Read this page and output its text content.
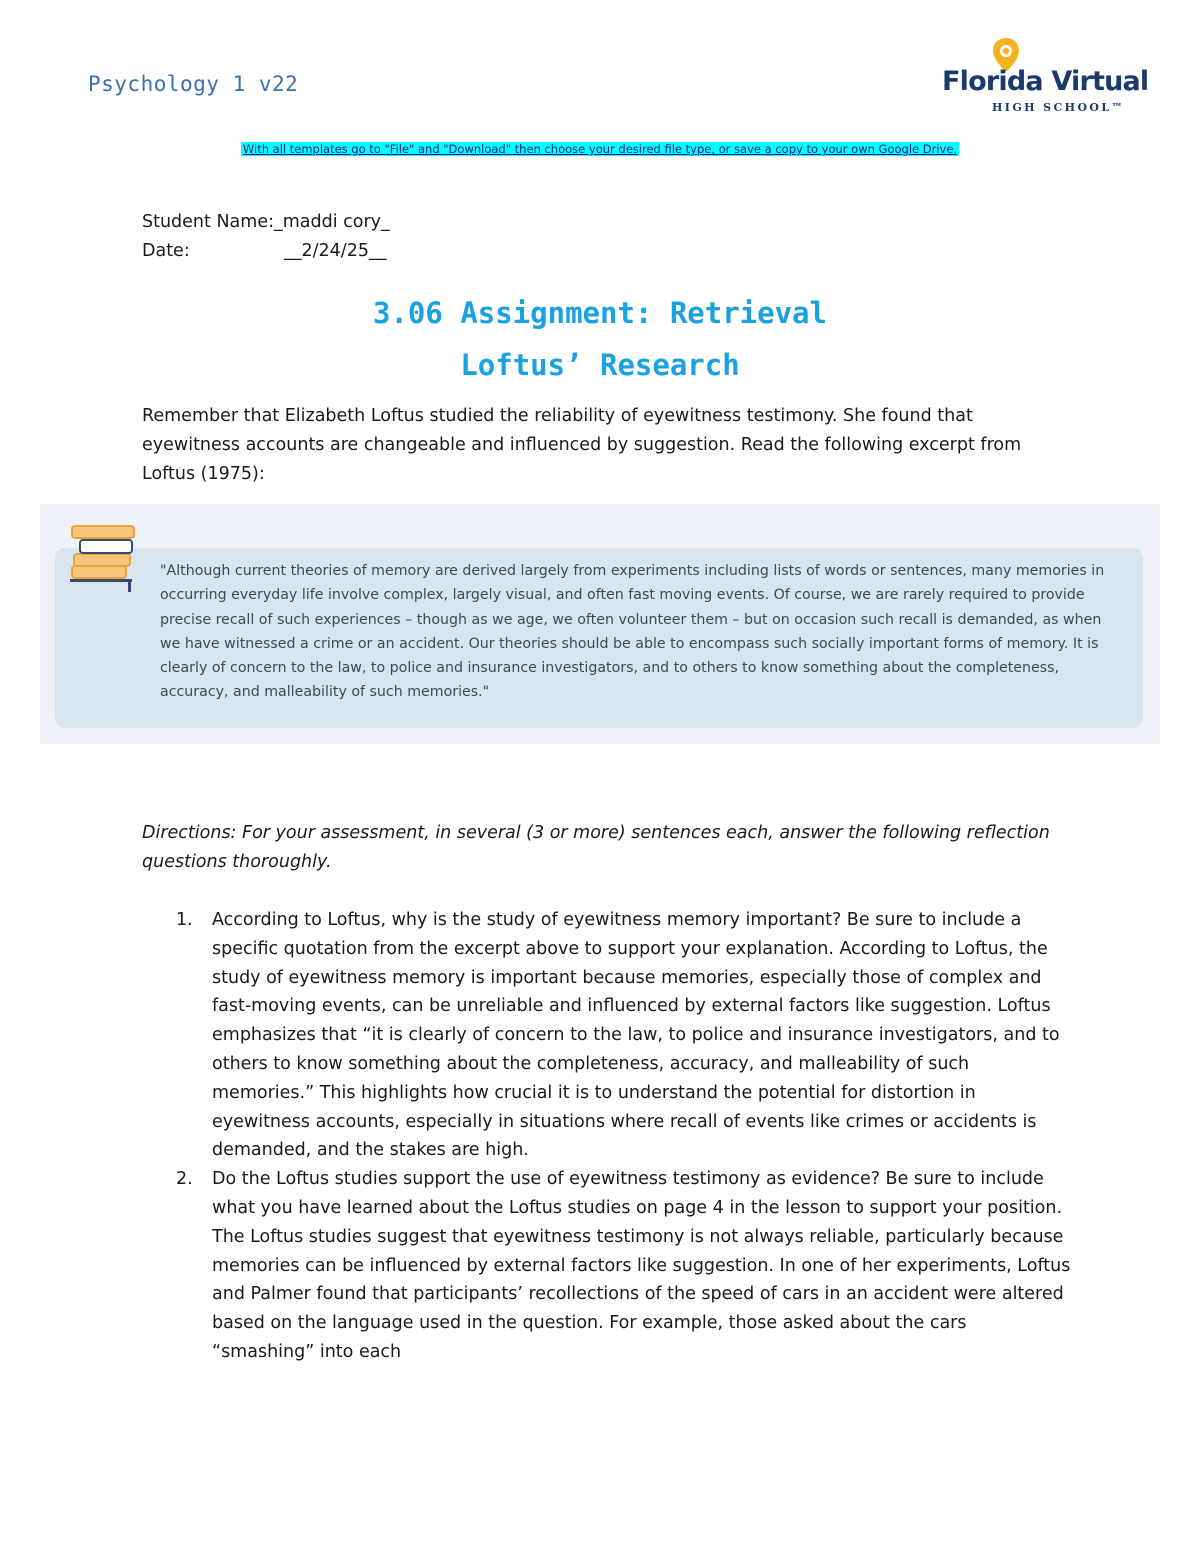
Psychology 1 v22	Florida Virtual
HIGH SCHOOL™
With all templates go to "File" and "Download" then choose your desired file type, or save a copy to your own Google Drive.
Student Name:_maddi cory_
Date:	__2/24/25__
3.06 Assignment: Retrieval
Loftus’ Research
Remember that Elizabeth Loftus studied the reliability of eyewitness testimony. She found that eyewitness accounts are changeable and influenced by suggestion. Read the following excerpt from Loftus (1975):
"Although current theories of memory are derived largely from experiments including lists of words or sentences, many memories in occurring everyday life involve complex, largely visual, and often fast moving events. Of course, we are rarely required to provide precise recall of such experiences – though as we age, we often volunteer them – but on occasion such recall is demanded, as when we have witnessed a crime or an accident. Our theories should be able to encompass such socially important forms of memory. It is clearly of concern to the law, to police and insurance investigators, and to others to know something about the completeness, accuracy, and malleability of such memories."
Directions: For your assessment, in several (3 or more) sentences each, answer the following reflection questions thoroughly.
1. According to Loftus, why is the study of eyewitness memory important? Be sure to include a specific quotation from the excerpt above to support your explanation. According to Loftus, the study of eyewitness memory is important because memories, especially those of complex and fast-moving events, can be unreliable and influenced by external factors like suggestion. Loftus emphasizes that “it is clearly of concern to the law, to police and insurance investigators, and to others to know something about the completeness, accuracy, and malleability of such memories.” This highlights how crucial it is to understand the potential for distortion in eyewitness accounts, especially in situations where recall of events like crimes or accidents is demanded, and the stakes are high.
2. Do the Loftus studies support the use of eyewitness testimony as evidence? Be sure to include what you have learned about the Loftus studies on page 4 in the lesson to support your position. The Loftus studies suggest that eyewitness testimony is not always reliable, particularly because memories can be influenced by external factors like suggestion. In one of her experiments, Loftus and Palmer found that participants’ recollections of the speed of cars in an accident were altered based on the language used in the question. For example, those asked about the cars “smashing” into each
